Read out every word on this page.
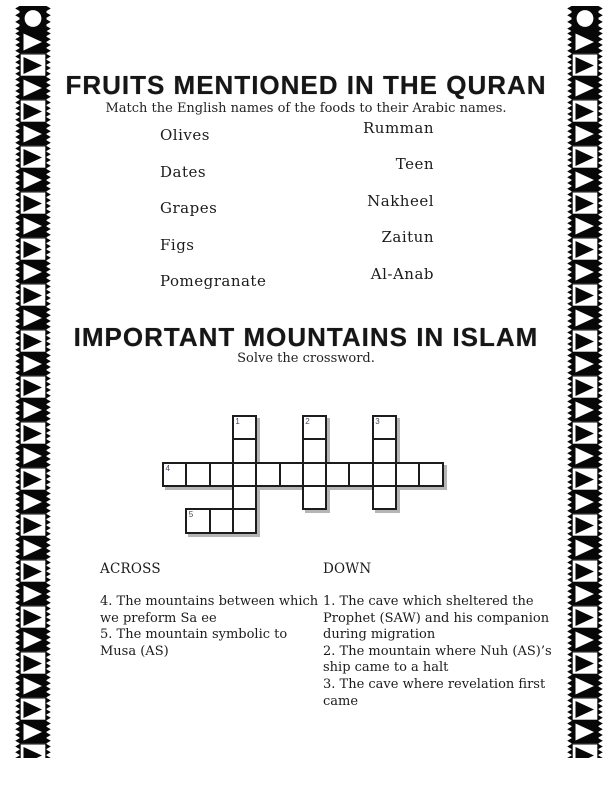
FRUITS MENTIONED IN THE QURAN
Match the English names of the foods to their Arabic names.
Olives
Dates
Grapes
Figs
Pomegranate
Rumman
Teen
Nakheel
Zaitun
Al-Anab
IMPORTANT MOUNTAINS IN ISLAM
Solve the crossword.
1	2	3
4
5
ACROSS
4. The mountains between which
we preform Sa ee
5. The mountain symbolic to
Musa (AS)
DOWN
1. The cave which sheltered the
Prophet (SAW) and his companion
during migration
2. The mountain where Nuh (AS)’s
ship came to a halt
3. The cave where revelation first
came
